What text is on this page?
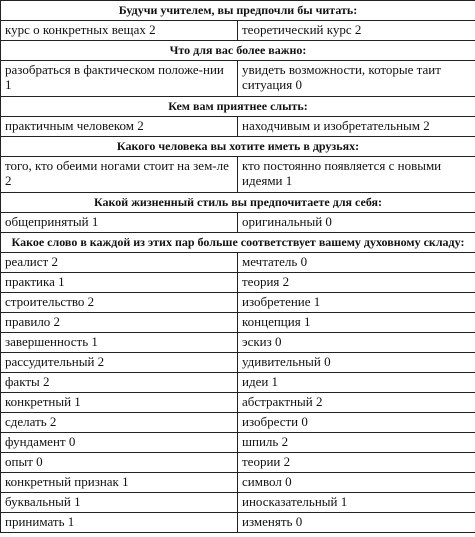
Будучи учителем, вы предпочли бы читать:	
курс о конкретных вещах 2	теоретический курс 2
Что для вас более важно:	
разобраться в фактическом положе-нии 1	увидеть возможности, которые таит ситуация 0
Кем вам приятнее слыть:	
практичным человеком 2	находчивым и изобретательным 2
Какого человека вы хотите иметь в друзьях:	
того, кто обеими ногами стоит на зем-ле 2	кто постоянно появляется с новыми идеями 1
Какой жизненный стиль вы предпочитаете для себя:	
общепринятый 1	оригинальный 0
Какое слово в каждой из этих пар больше соответствует вашему духовному складу:	
реалист 2	мечтатель 0
практика 1	теория 2
строительство 2	изобретение 1
правило 2	концепция 1
завершенность 1	эскиз 0
рассудительный 2	удивительный 0
факты 2	идеи 1
конкретный 1	абстрактный 2
сделать 2	изобрести 0
фундамент 0	шпиль 2
опыт 0	теории 2
конкретный признак 1	символ 0
буквальный 1	иносказательный 1
принимать 1	изменять 0
